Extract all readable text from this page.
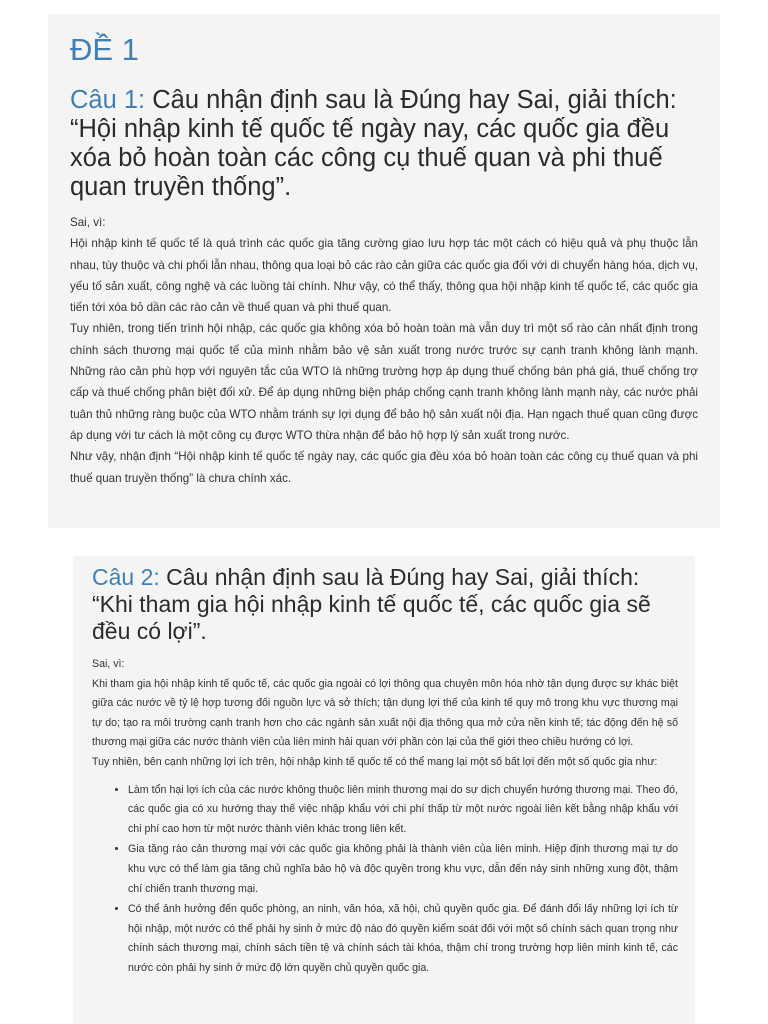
ĐỀ 1
Câu 1: Câu nhận định sau là Đúng hay Sai, giải thích: “Hội nhập kinh tế quốc tế ngày nay, các quốc gia đều xóa bỏ hoàn toàn các công cụ thuế quan và phi thuế quan truyền thống”.

Sai, vì:

Hội nhập kinh tế quốc tế là quá trình các quốc gia tăng cường giao lưu hợp tác một cách có hiệu quả và phụ thuộc lẫn nhau, tùy thuộc và chi phối lẫn nhau, thông qua loại bỏ các rào cản giữa các quốc gia đối với di chuyển hàng hóa, dịch vụ, yếu tố sản xuất, công nghệ và các luồng tài chính. Như vậy, có thể thấy, thông qua hội nhập kinh tế quốc tế, các quốc gia tiến tới xóa bỏ dần các rào cản về thuế quan và phi thuế quan.

Tuy nhiên, trong tiến trình hội nhập, các quốc gia không xóa bỏ hoàn toàn mà vẫn duy trì một số rào cản nhất định trong chính sách thương mại quốc tế của mình nhằm bảo vệ sản xuất trong nước trước sự cạnh tranh không lành mạnh. Những rào cản phù hợp với nguyên tắc của WTO là những trường hợp áp dụng thuế chống bán phá giá, thuế chống trợ cấp và thuế chống phân biệt đối xử. Để áp dụng những biện pháp chống cạnh tranh không lành mạnh này, các nước phải tuân thủ những ràng buộc của WTO nhằm tránh sự lợi dụng để bảo hộ sản xuất nội địa. Hạn ngạch thuế quan cũng được áp dụng với tư cách là một công cụ được WTO thừa nhận để bảo hộ hợp lý sản xuất trong nước.

Như vậy, nhận định “Hội nhập kinh tế quốc tế ngày nay, các quốc gia đều xóa bỏ hoàn toàn các công cụ thuế quan và phi thuế quan truyền thống” là chưa chính xác.

Câu 2: Câu nhận định sau là Đúng hay Sai, giải thích: “Khi tham gia hội nhập kinh tế quốc tế, các quốc gia sẽ đều có lợi”.

Sai, vì:

Khi tham gia hội nhập kinh tế quốc tế, các quốc gia ngoài có lợi thông qua chuyên môn hóa nhờ tận dụng được sự khác biệt giữa các nước về tỷ lệ hợp tương đối nguồn lực và sở thích; tận dụng lợi thế của kinh tế quy mô trong khu vực thương mại tự do; tạo ra môi trường cạnh tranh hơn cho các ngành sản xuất nội địa thông qua mở cửa nền kinh tế; tác động đến hệ số thương mại giữa các nước thành viên của liên minh hải quan với phần còn lại của thế giới theo chiều hướng có lợi.

Tuy nhiên, bên cạnh những lợi ích trên, hội nhập kinh tế quốc tế có thể mang lại một số bất lợi đến một số quốc gia như:

• Làm tổn hại lợi ích của các nước không thuộc liên minh thương mại do sự dịch chuyển hướng thương mại. Theo đó, các quốc gia có xu hướng thay thế việc nhập khẩu với chi phí thấp từ một nước ngoài liên kết bằng nhập khẩu với chi phí cao hơn từ một nước thành viên khác trong liên kết.
• Gia tăng rào cản thương mại với các quốc gia không phải là thành viên của liên minh. Hiệp định thương mại tự do khu vực có thể làm gia tăng chủ nghĩa bảo hộ và độc quyền trong khu vực, dẫn đến nảy sinh những xung đột, thậm chí chiến tranh thương mại.
• Có thể ảnh hưởng đến quốc phòng, an ninh, văn hóa, xã hội, chủ quyền quốc gia. Để đánh đổi lấy những lợi ích từ hội nhập, một nước có thể phải hy sinh ở mức độ nào đó quyền kiểm soát đối với một số chính sách quan trọng như chính sách thương mại, chính sách tiền tệ và chính sách tài khóa, thậm chí trong trường hợp liên minh kinh tế, các nước còn phải hy sinh ở mức độ lớn quyền chủ quyền quốc gia.
